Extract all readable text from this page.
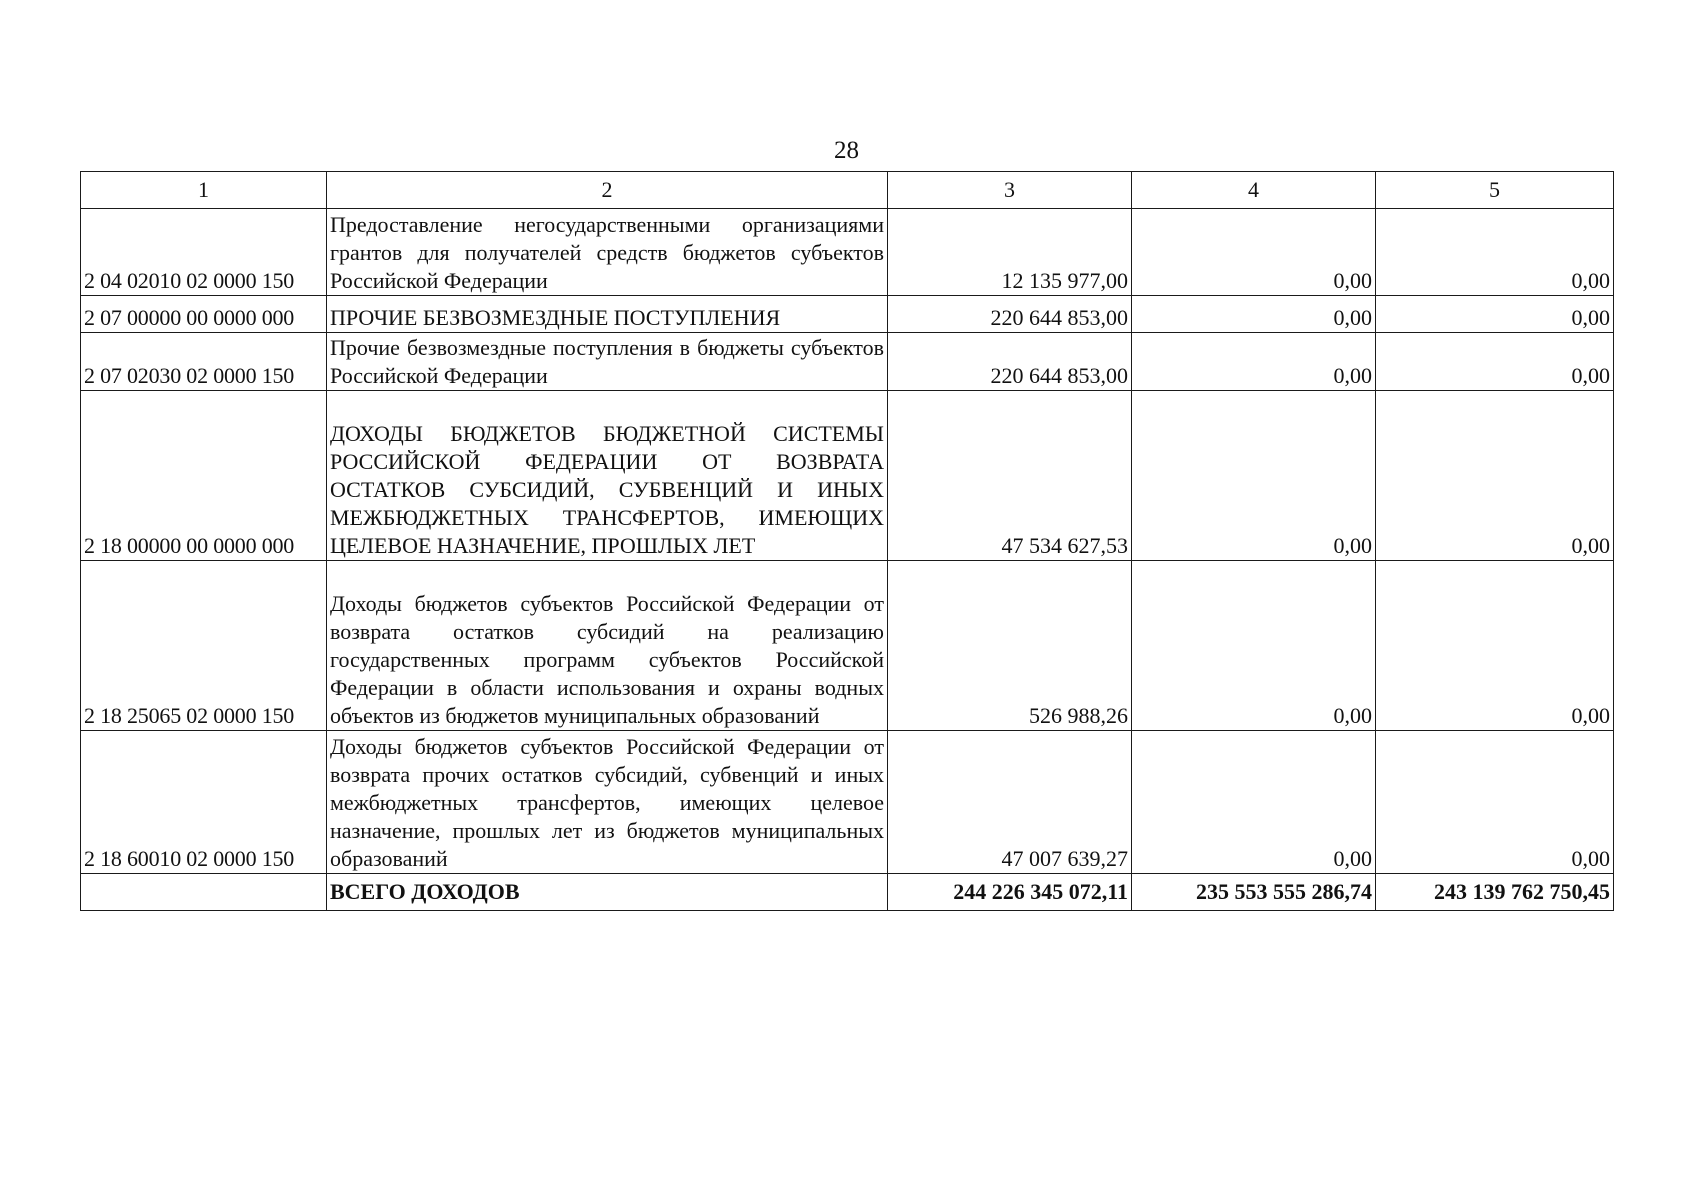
28
1	2	3	4	5
2 04 02010 02 0000 150	Предоставление негосударственными организациями грантов для получателей средств бюджетов субъектов Российской Федерации	12 135 977,00	0,00	0,00
2 07 00000 00 0000 000	ПРОЧИЕ БЕЗВОЗМЕЗДНЫЕ ПОСТУПЛЕНИЯ	220 644 853,00	0,00	0,00
2 07 02030 02 0000 150	Прочие безвозмездные поступления в бюджеты субъектов Российской Федерации	220 644 853,00	0,00	0,00
2 18 00000 00 0000 000	ДОХОДЫ БЮДЖЕТОВ БЮДЖЕТНОЙ СИСТЕМЫ РОССИЙСКОЙ ФЕДЕРАЦИИ ОТ ВОЗВРАТА ОСТАТКОВ СУБСИДИЙ, СУБВЕНЦИЙ И ИНЫХ МЕЖБЮДЖЕТНЫХ ТРАНСФЕРТОВ, ИМЕЮЩИХ ЦЕЛЕВОЕ НАЗНАЧЕНИЕ, ПРОШЛЫХ ЛЕТ	47 534 627,53	0,00	0,00
2 18 25065 02 0000 150	Доходы бюджетов субъектов Российской Федерации от возврата остатков субсидий на реализацию государственных программ субъектов Российской Федерации в области использования и охраны водных объектов из бюджетов муниципальных образований	526 988,26	0,00	0,00
2 18 60010 02 0000 150	Доходы бюджетов субъектов Российской Федерации от возврата прочих остатков субсидий, субвенций и иных межбюджетных трансфертов, имеющих целевое назначение, прошлых лет из бюджетов муниципальных образований	47 007 639,27	0,00	0,00
	ВСЕГО ДОХОДОВ	244 226 345 072,11	235 553 555 286,74	243 139 762 750,45
